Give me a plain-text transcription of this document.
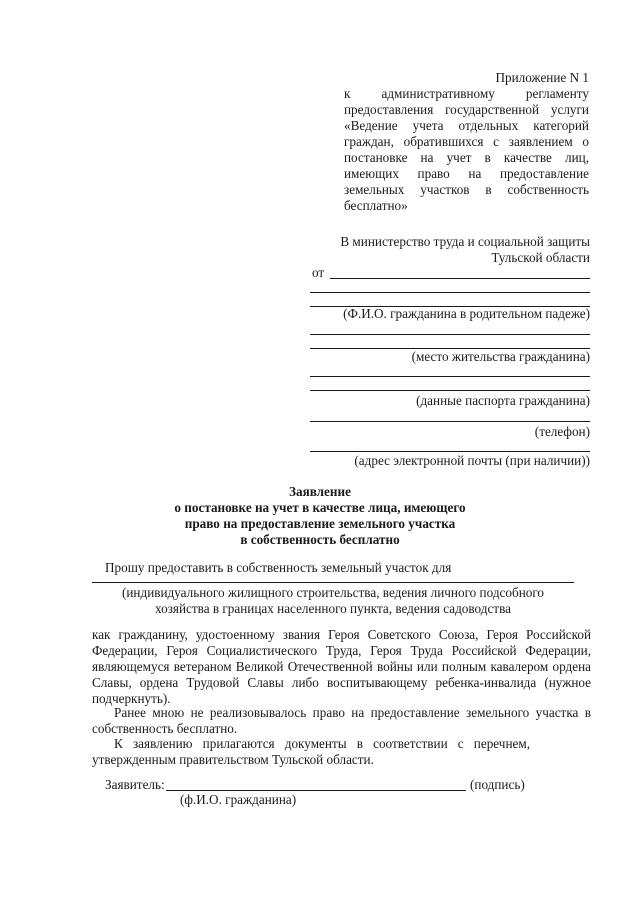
Приложение N 1
к административному регламенту
предоставления государственной услуги
«Ведение учета отдельных категорий
граждан, обратившихся с заявлением о
постановке на учет в качестве лиц,
имеющих право на предоставление
земельных участков в собственность
бесплатно»
В министерство труда и социальной защиты
Тульской области
от
(Ф.И.О. гражданина в родительном падеже)
(место жительства гражданина)
(данные паспорта гражданина)
(телефон)
(адрес электронной почты (при наличии))
Заявление
о постановке на учет в качестве лица, имеющего
право на предоставление земельного участка
в собственность бесплатно
Прошу предоставить в собственность земельный участок для
(индивидуального жилищного строительства, ведения личного подсобного
хозяйства в границах населенного пункта, ведения садоводства
как гражданину, удостоенному звания Героя Советского Союза, Героя Российской
Федерации, Героя Социалистического Труда, Героя Труда Российской Федерации,
являющемуся ветераном Великой Отечественной войны или полным кавалером ордена
Славы, ордена Трудовой Славы либо воспитывающему ребенка-инвалида (нужное
подчеркнуть).
Ранее мною не реализовывалось право на предоставление земельного участка в
собственность бесплатно.
К заявлению прилагаются документы в соответствии с перечнем,
утвержденным правительством Тульской области.
Заявитель:	(подпись)
(ф.И.О. гражданина)
